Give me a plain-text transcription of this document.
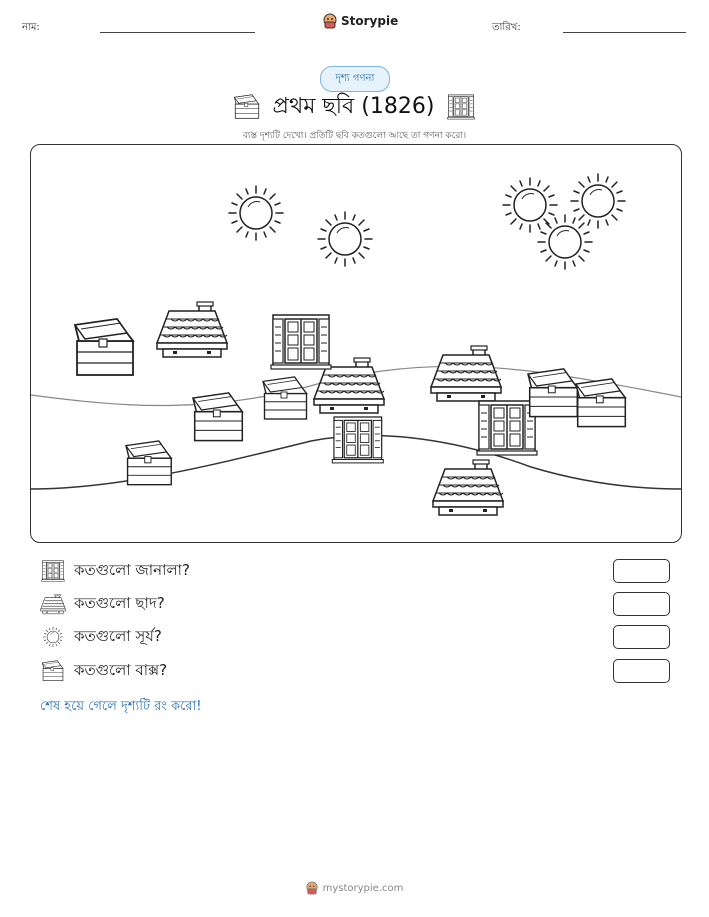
নাম:	Storypie	তারিখ:
দৃশ্য গণনা
প্রথম ছবি (1826)
ব্যস্ত দৃশ্যটি দেখো। প্রতিটি ছবি কতগুলো আছে তা গণনা করো।
কতগুলো জানালা?
কতগুলো ছাদ?
কতগুলো সূর্য?
কতগুলো বাক্স?
শেষ হয়ে গেলে দৃশ্যটি রং করো!
mystorypie.com
